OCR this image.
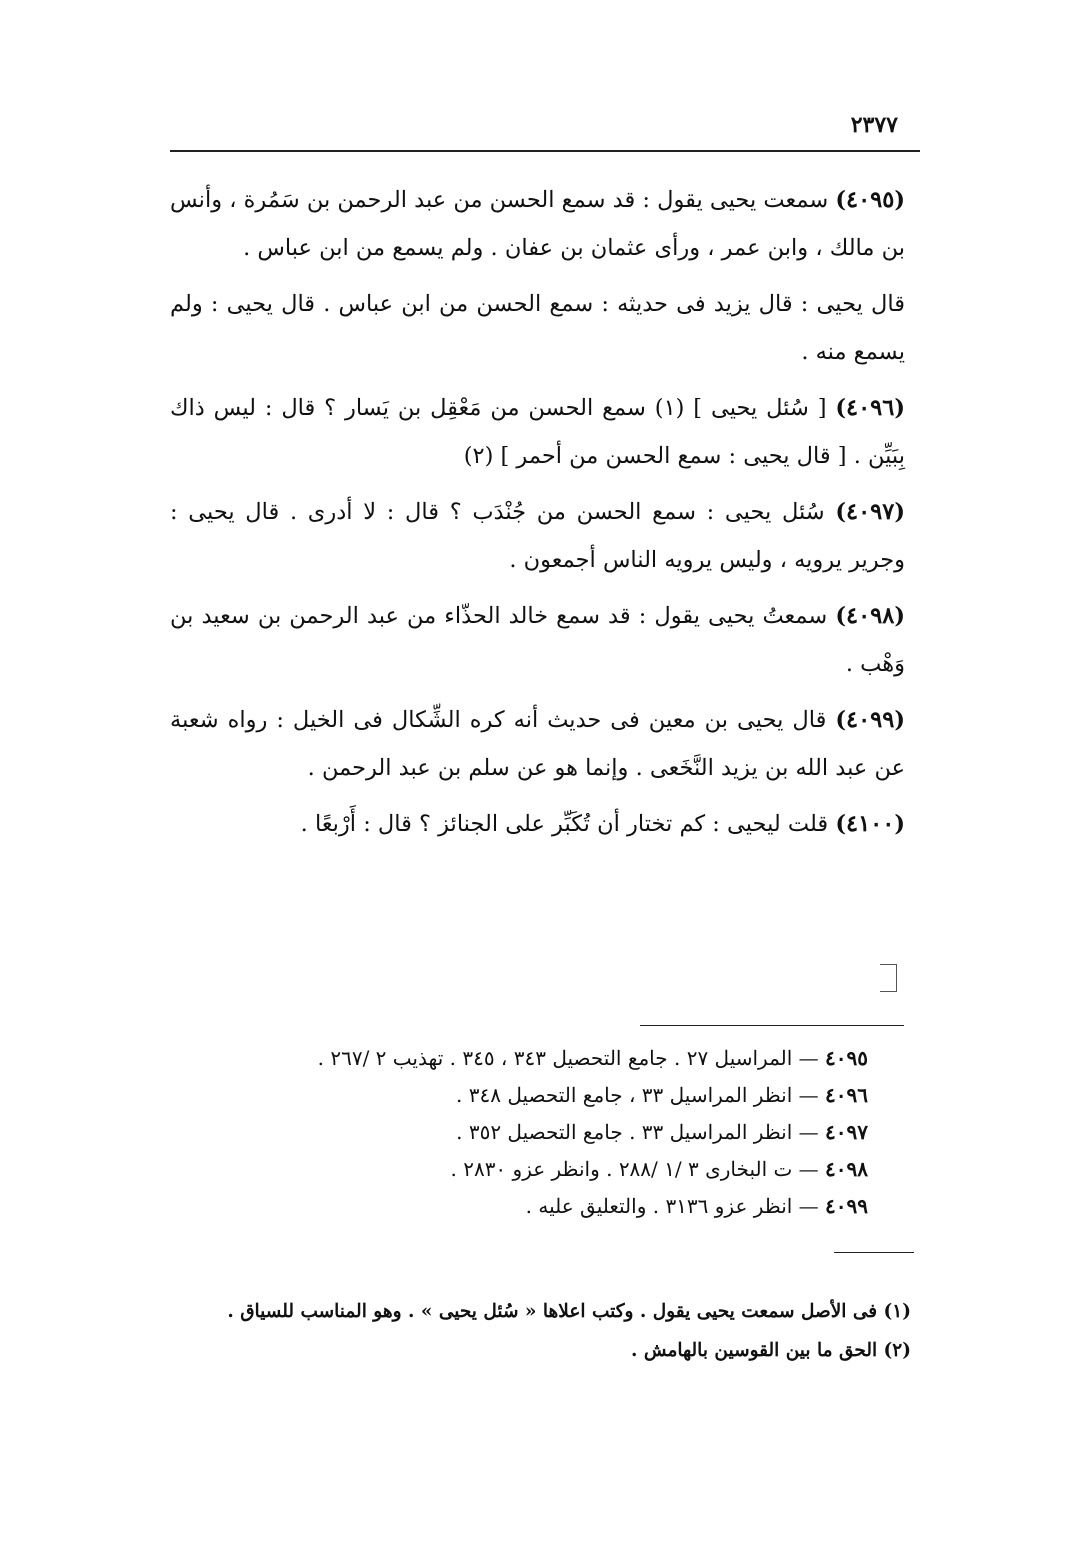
٢٣٧٧

(٤٠٩٥) سمعت يحيى يقول : قد سمع الحسن من عبد الرحمن بن سَمُرة ، وأنس بن مالك ، وابن عمر ، ورأى عثمان بن عفان . ولم يسمع من ابن عباس .

قال يحيى : قال يزيد فى حديثه : سمع الحسن من ابن عباس . قال يحيى : ولم يسمع منه .

(٤٠٩٦) [ سُئل يحيى ] (١) سمع الحسن من مَعْقِل بن يَسار ؟ قال : ليس ذاك بِبَيِّن . [ قال يحيى : سمع الحسن من أحمر ] (٢)

(٤٠٩٧) سُئل يحيى : سمع الحسن من جُنْدَب ؟ قال : لا أدرى . قال يحيى : وجرير يرويه ، وليس يرويه الناس أجمعون .

(٤٠٩٨) سمعتُ يحيى يقول : قد سمع خالد الحذّاء من عبد الرحمن بن سعيد بن وَهْب .

(٤٠٩٩) قال يحيى بن معين فى حديث أنه كره الشِّكال فى الخيل : رواه شعبة عن عبد الله بن يزيد النَّخَعى . وإنما هو عن سلم بن عبد الرحمن .

(٤١٠٠) قلت ليحيى : كم تختار أن تُكَبِّر على الجنائز ؟ قال : أَرْبعًا .

٤٠٩٥ — المراسيل ٢٧ . جامع التحصيل ٣٤٣ ، ٣٤٥ . تهذيب ٢ /٢٦٧ .
٤٠٩٦ — انظر المراسيل ٣٣ ، جامع التحصيل ٣٤٨ .
٤٠٩٧ — انظر المراسيل ٣٣ . جامع التحصيل ٣٥٢ .
٤٠٩٨ — ت البخارى ٣ /١ /٢٨٨ . وانظر عزو ٢٨٣٠ .
٤٠٩٩ — انظر عزو ٣١٣٦ . والتعليق عليه .

(١) فى الأصل سمعت يحيى يقول . وكتب اعلاها « سُئل يحيى » . وهو المناسب للسياق .

(٢) الحق ما بين القوسين بالهامش .
